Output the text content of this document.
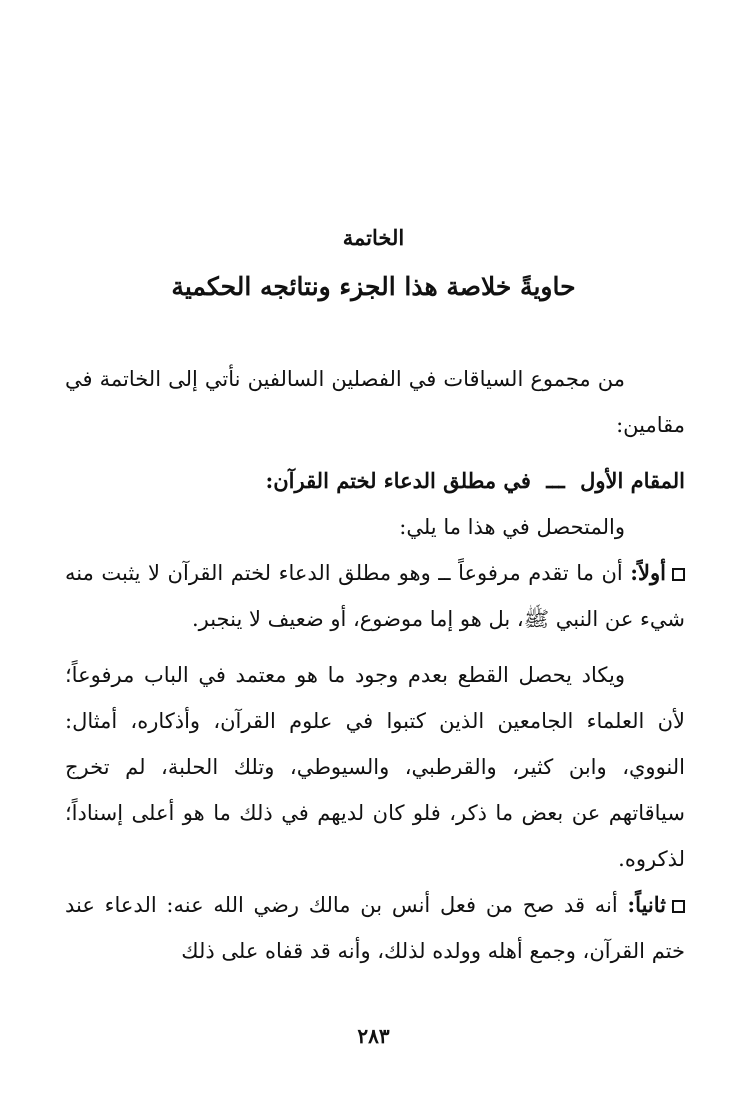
الخاتمة
حاويةً خلاصة هذا الجزء ونتائجه الحكمية

من مجموع السياقات في الفصلين السالفين نأتي إلى الخاتمة في مقامين:

المقام الأول ـــ في مطلق الدعاء لختم القرآن:

والمتحصل في هذا ما يلي:

أولاً: أن ما تقدم مرفوعاً ــ وهو مطلق الدعاء لختم القرآن لا يثبت منه شيء عن النبي ﷺ، بل هو إما موضوع، أو ضعيف لا ينجبر.

ويكاد يحصل القطع بعدم وجود ما هو معتمد في الباب مرفوعاً؛ لأن العلماء الجامعين الذين كتبوا في علوم القرآن، وأذكاره، أمثال: النووي، وابن كثير، والقرطبي، والسيوطي، وتلك الحلبة، لم تخرج سياقاتهم عن بعض ما ذكر، فلو كان لديهم في ذلك ما هو أعلى إسناداً؛ لذكروه.

ثانياً: أنه قد صح من فعل أنس بن مالك رضي الله عنه: الدعاء عند ختم القرآن، وجمع أهله وولده لذلك، وأنه قد قفاه على ذلك

٢٨٣
